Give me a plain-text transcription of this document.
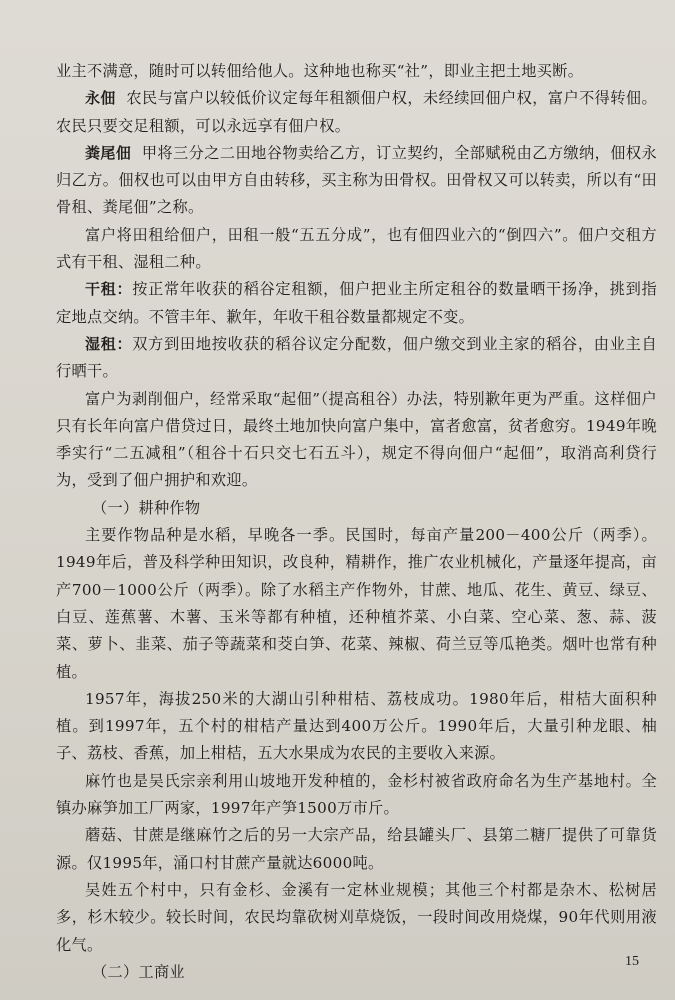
业主不满意，随时可以转佃给他人。这种地也称买“社”，即业主把土地买断。

永佃 农民与富户以较低价议定每年租额佃户权，未经续回佃户权，富户不得转佃。农民只要交足租额，可以永远享有佃户权。

粪尾佃 甲将三分之二田地谷物卖给乙方，订立契约，全部赋税由乙方缴纳，佃权永归乙方。佃权也可以由甲方自由转移，买主称为田骨权。田骨权又可以转卖，所以有“田骨租、粪尾佃”之称。

富户将田租给佃户，田租一般“五五分成”，也有佃四业六的“倒四六”。佃户交租方式有干租、湿租二种。

干租：按正常年收获的稻谷定租额，佃户把业主所定租谷的数量晒干扬净，挑到指定地点交纳。不管丰年、歉年，年收干租谷数量都规定不变。

湿租：双方到田地按收获的稻谷议定分配数，佃户缴交到业主家的稻谷，由业主自行晒干。

富户为剥削佃户，经常采取“起佃”（提高租谷）办法，特别歉年更为严重。这样佃户只有长年向富户借贷过日，最终土地加快向富户集中，富者愈富，贫者愈穷。1949年晚季实行“二五减租”（租谷十石只交七石五斗），规定不得向佃户“起佃”，取消高利贷行为，受到了佃户拥护和欢迎。

（一）耕种作物

主要作物品种是水稻，早晚各一季。民国时，每亩产量200－400公斤（两季）。1949年后，普及科学种田知识，改良种，精耕作，推广农业机械化，产量逐年提高，亩产700－1000公斤（两季）。除了水稻主产作物外，甘蔗、地瓜、花生、黄豆、绿豆、白豆、莲蕉薯、木薯、玉米等都有种植，还种植芥菜、小白菜、空心菜、葱、蒜、菠菜、萝卜、韭菜、茄子等蔬菜和茭白笋、花菜、辣椒、荷兰豆等瓜艳类。烟叶也常有种植。

1957年，海拔250米的大湖山引种柑桔、荔枝成功。1980年后，柑桔大面积种植。到1997年，五个村的柑桔产量达到400万公斤。1990年后，大量引种龙眼、柚子、荔枝、香蕉，加上柑桔，五大水果成为农民的主要收入来源。

麻竹也是吴氏宗亲利用山坡地开发种植的，金杉村被省政府命名为生产基地村。全镇办麻笋加工厂两家，1997年产笋1500万市斤。

蘑菇、甘蔗是继麻竹之后的另一大宗产品，给县罐头厂、县第二糖厂提供了可靠货源。仅1995年，涌口村甘蔗产量就达6000吨。

吴姓五个村中，只有金杉、金溪有一定林业规模；其他三个村都是杂木、松树居多，杉木较少。较长时间，农民均靠砍树刈草烧饭，一段时间改用烧煤，90年代则用液化气。

（二）工商业

15
